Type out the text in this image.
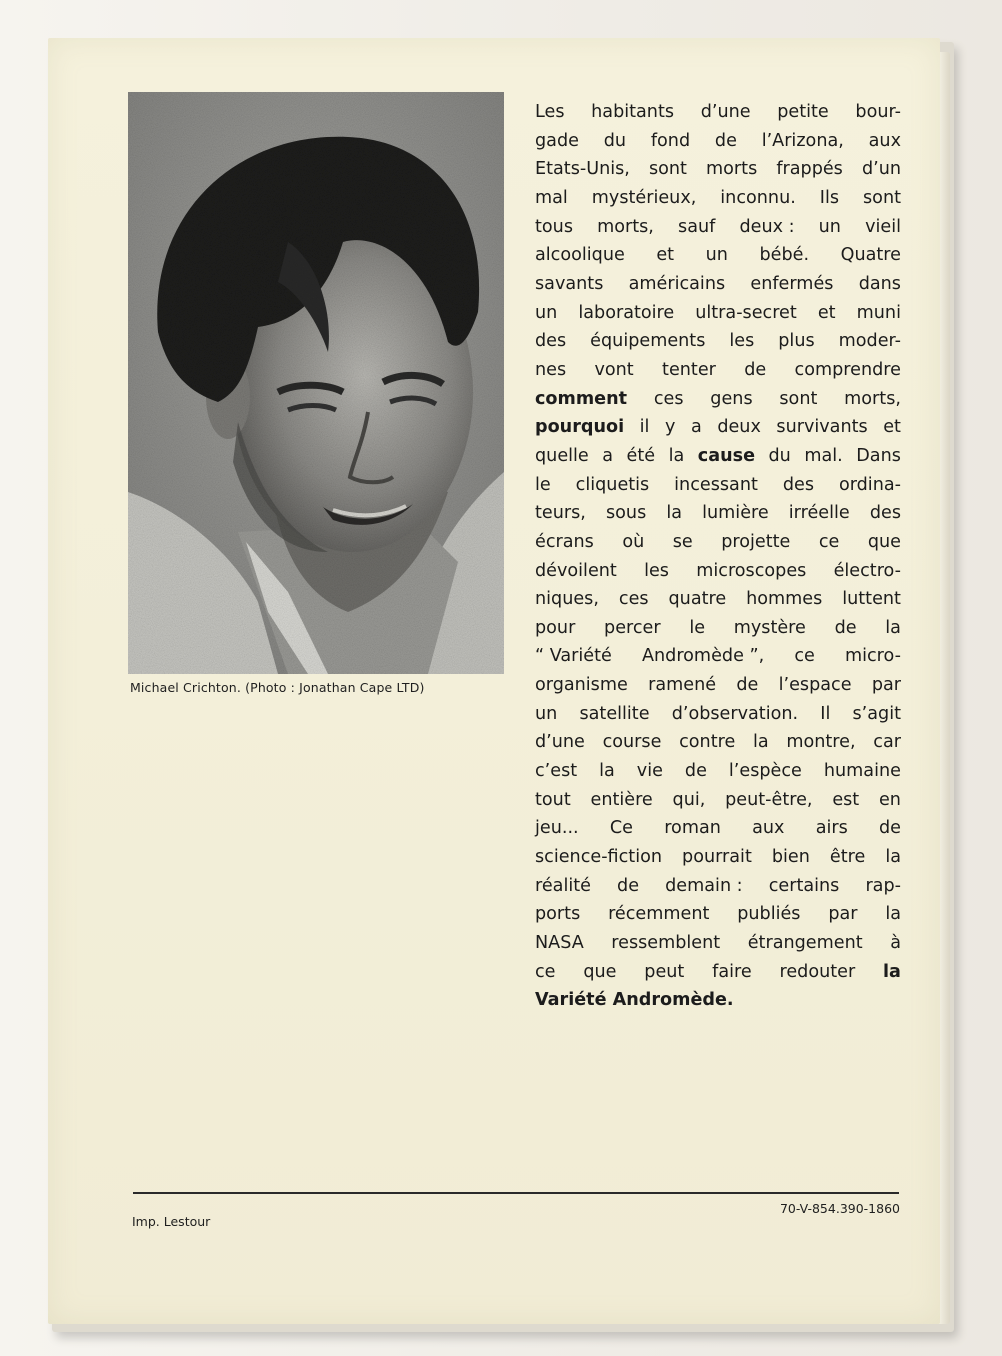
Michael Crichton. (Photo : Jonathan Cape LTD)
Les habitants d’une petite bour-
gade du fond de l’Arizona, aux
Etats-Unis, sont morts frappés d’un
mal mystérieux, inconnu. Ils sont
tous morts, sauf deux : un vieil
alcoolique et un bébé. Quatre
savants américains enfermés dans
un laboratoire ultra-secret et muni
des équipements les plus moder-
nes vont tenter de comprendre
comment ces gens sont morts,
pourquoi il y a deux survivants et
quelle a été la cause du mal. Dans
le cliquetis incessant des ordina-
teurs, sous la lumière irréelle des
écrans où se projette ce que
dévoilent les microscopes électro-
niques, ces quatre hommes luttent
pour percer le mystère de la
“ Variété Andromède ”, ce micro-
organisme ramené de l’espace par
un satellite d’observation. Il s’agit
d’une course contre la montre, car
c’est la vie de l’espèce humaine
tout entière qui, peut-être, est en
jeu... Ce roman aux airs de
science-fiction pourrait bien être la
réalité de demain : certains rap-
ports récemment publiés par la
NASA ressemblent étrangement à
ce que peut faire redouter la
Variété Andromède.
Imp. Lestour
70-V-854.390-1860
